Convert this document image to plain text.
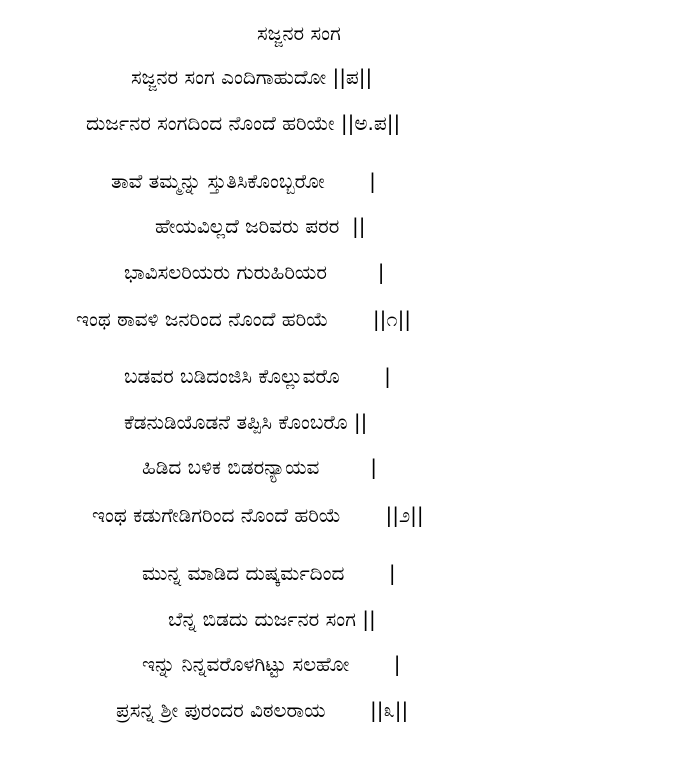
ಸಜ್ಜನರ ಸಂಗ
ಸಜ್ಜನರ ಸಂಗ ಎಂದಿಗಾಹುದೋ ||ಪ||
ದುರ್ಜನರ ಸಂಗದಿಂದ ನೊಂದೆ ಹರಿಯೇ ||ಅ.ಪ||
ತಾವೆ ತಮ್ಮನ್ನು ಸ್ತುತಿಸಿಕೊಂಬ್ಬರೋ       |
ಹೇಯವಿಲ್ಲದೆ ಜರಿವರು ಪರರ  ||
ಭಾವಿಸಲರಿಯರು ಗುರುಹಿರಿಯರ        |
ಇಂಥ ಠಾವಳಿ ಜನರಿಂದ ನೊಂದೆ ಹರಿಯೆ       ||೧||
ಬಡವರ ಬಡಿದಂಜಿಸಿ ಕೊಲ್ಲುವರೊ       |
ಕೆಡನುಡಿಯೊಡನೆ ತಪ್ಪಿಸಿ ಕೊಂಬರೊ ||
ಹಿಡಿದ ಬಳಿಕ ಬಿಡರನ್ಯಾಯವ        |
ಇಂಥ ಕಡುಗೇಡಿಗರಿಂದ ನೊಂದೆ ಹರಿಯೆ       ||೨||
ಮುನ್ನ ಮಾಡಿದ ದುಷ್ಕರ್ಮದಿಂದ       |
ಬೆನ್ನ ಬಿಡದು ದುರ್ಜನರ ಸಂಗ ||
ಇನ್ನು ನಿನ್ನವರೊಳಗಿಟ್ಟು ಸಲಹೋ       |
ಪ್ರಸನ್ನ ಶ್ರೀ ಪುರಂದರ ವಿಠಲರಾಯ       ||೩||
